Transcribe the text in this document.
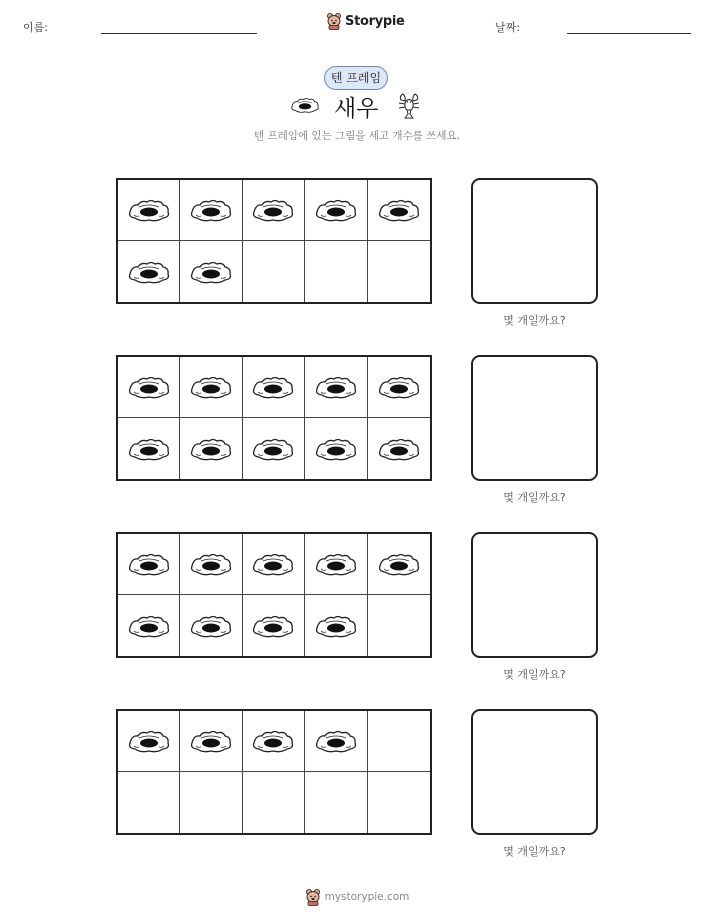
이름:	Storypie	날짜:
텐 프레임
새우
텐 프레임에 있는 그림을 세고 개수를 쓰세요.
몇 개일까요?
몇 개일까요?
몇 개일까요?
몇 개일까요?
mystorypie.com
